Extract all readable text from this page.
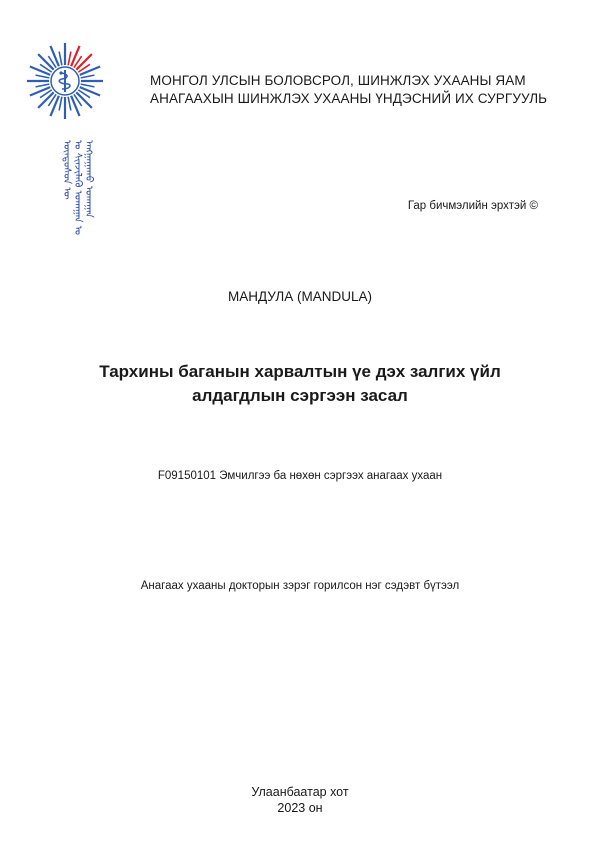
ᠠᠩᠭᠠᠭᠠᠬᠤ ᠤᠬᠠᠭᠠᠨ
ᠤ ᠱᠢᠨᠵᠢᠯᠡᠬᠦ ᠤᠬᠠᠭᠠᠨ ᠤ
ᠦᠨᠳᠦᠰᠦᠨ ᠦ
МОНГОЛ УЛСЫН БОЛОВСРОЛ, ШИНЖЛЭХ УХААНЫ ЯАМ
АНАГААХЫН ШИНЖЛЭХ УХААНЫ ҮНДЭСНИЙ ИХ СУРГУУЛЬ
Гар бичмэлийн эрхтэй ©
МАНДУЛА (MANDULA)
Тархины баганын харвалтын үе дэх залгих үйл
алдагдлын сэргээн засал
F09150101 Эмчилгээ ба нөхөн сэргээх анагаах ухаан
Анагаах ухааны докторын зэрэг горилсон нэг сэдэвт бүтээл
Улаанбаатар хот
2023 он
